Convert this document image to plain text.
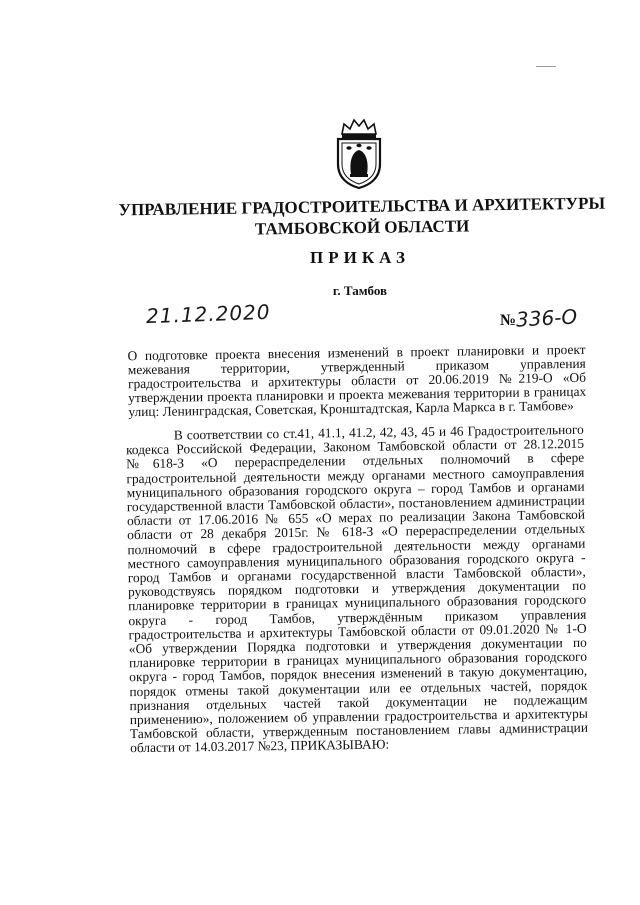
УПРАВЛЕНИЕ ГРАДОСТРОИТЕЛЬСТВА И АРХИТЕКТУРЫ
ТАМБОВСКОЙ ОБЛАСТИ
ПРИКАЗ
г. Тамбов
21.12.2020	№336-О
О подготовке проекта внесения изменений в проект планировки и проект межевания территории, утвержденный приказом управления градостроительства и архитектуры области от 20.06.2019 №219-О «Об утверждении проекта планировки и проекта межевания территории в границах улиц: Ленинградская, Советская, Кронштадтская, Карла Маркса в г. Тамбове»
В соответствии со ст.41, 41.1, 41.2, 42, 43, 45 и 46 Градостроительного кодекса Российской Федерации, Законом Тамбовской области от 28.12.2015 №618-З «О перераспределении отдельных полномочий в сфере градостроительной деятельности между органами местного самоуправления муниципального образования городского округа – город Тамбов и органами государственной власти Тамбовской области», постановлением администрации области от 17.06.2016 № 655 «О мерах по реализации Закона Тамбовской области от 28 декабря 2015г. № 618-З «О перераспределении отдельных полномочий в сфере градостроительной деятельности между органами местного самоуправления муниципального образования городского округа - город Тамбов и органами государственной власти Тамбовской области», руководствуясь порядком подготовки и утверждения документации по планировке территории в границах муниципального образования городского округа - город Тамбов, утверждённым приказом управления градостроительства и архитектуры Тамбовской области от 09.01.2020 № 1-О «Об утверждении Порядка подготовки и утверждения документации по планировке территории в границах муниципального образования городского округа - город Тамбов, порядок внесения изменений в такую документацию, порядок отмены такой документации или ее отдельных частей, порядок признания отдельных частей такой документации не подлежащим применению», положением об управлении градостроительства и архитектуры Тамбовской области, утвержденным постановлением главы администрации области от 14.03.2017 №23, ПРИКАЗЫВАЮ:
